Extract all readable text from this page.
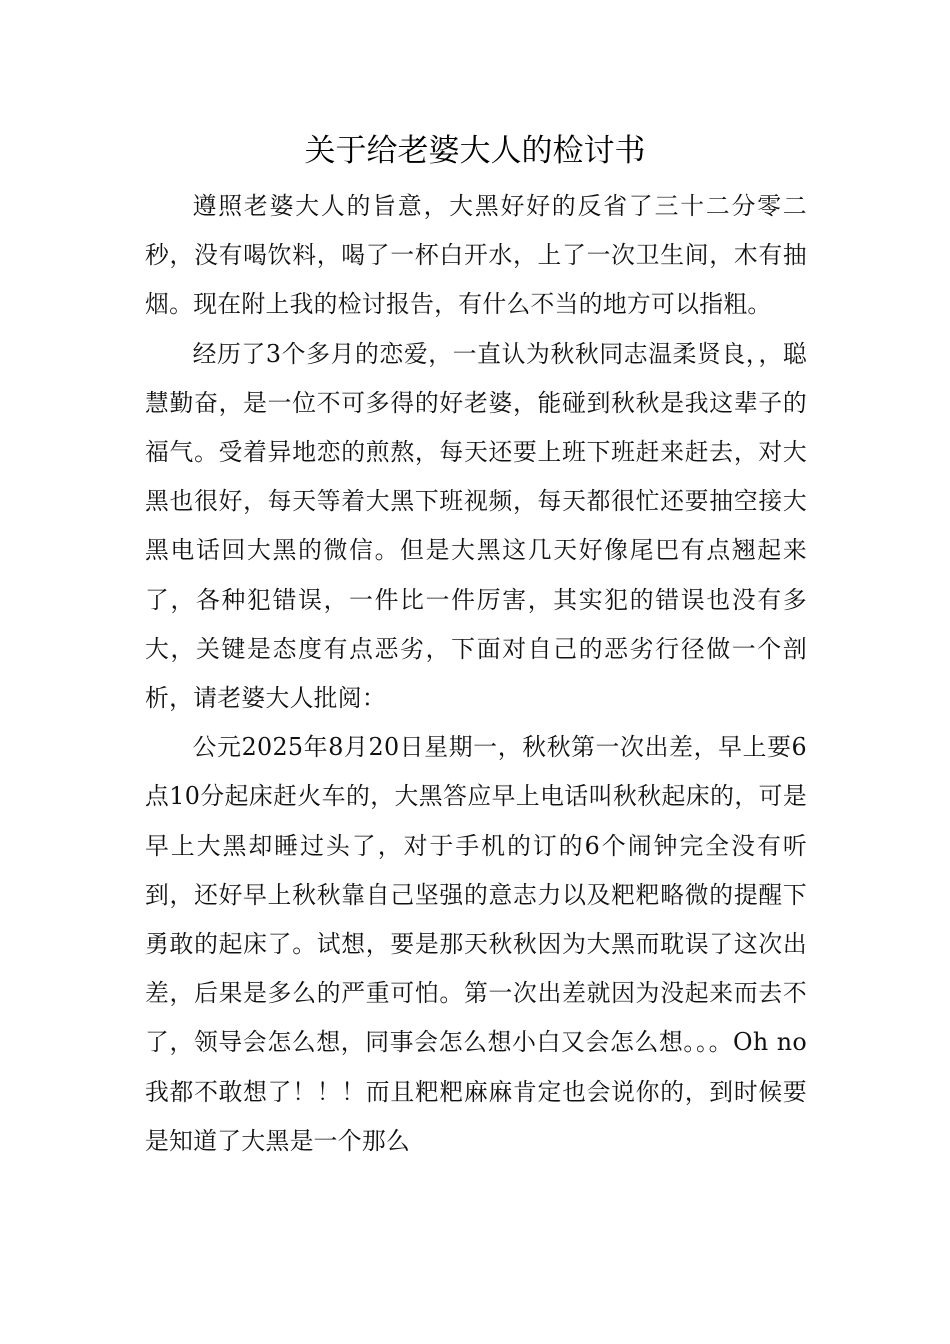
关于给老婆大人的检讨书

遵照老婆大人的旨意，大黑好好的反省了三十二分零二秒，没有喝饮料，喝了一杯白开水，上了一次卫生间，木有抽烟。现在附上我的检讨报告，有什么不当的地方可以指粗。

经历了3个多月的恋爱，一直认为秋秋同志温柔贤良，，聪慧勤奋，是一位不可多得的好老婆，能碰到秋秋是我这辈子的福气。受着异地恋的煎熬，每天还要上班下班赶来赶去，对大黑也很好，每天等着大黑下班视频，每天都很忙还要抽空接大黑电话回大黑的微信。但是大黑这几天好像尾巴有点翘起来了，各种犯错误，一件比一件厉害，其实犯的错误也没有多大，关键是态度有点恶劣，下面对自己的恶劣行径做一个剖析，请老婆大人批阅：

公元2025年8月20日星期一，秋秋第一次出差，早上要6点10分起床赶火车的，大黑答应早上电话叫秋秋起床的，可是早上大黑却睡过头了，对于手机的订的6个闹钟完全没有听到，还好早上秋秋靠自己坚强的意志力以及粑粑略微的提醒下勇敢的起床了。试想，要是那天秋秋因为大黑而耽误了这次出差，后果是多么的严重可怕。第一次出差就因为没起来而去不了，领导会怎么想，同事会怎么想小白又会怎么想。。。Oh no我都不敢想了！！！而且粑粑麻麻肯定也会说你的，到时候要是知道了大黑是一个那么
